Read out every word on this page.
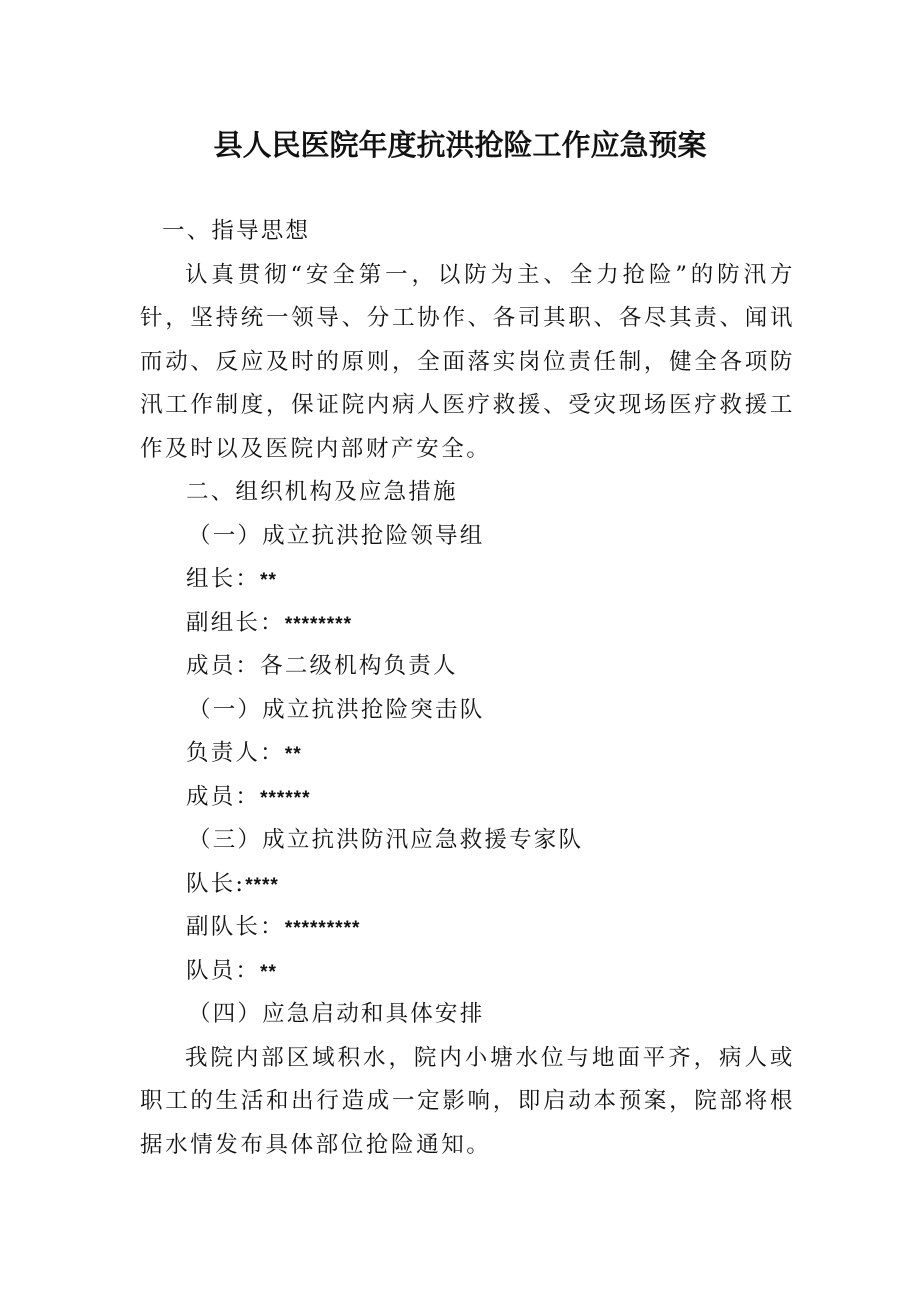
县人民医院年度抗洪抢险工作应急预案
一、指导思想
认真贯彻“安全第一，以防为主、全力抢险”的防汛方针，坚持统一领导、分工协作、各司其职、各尽其责、闻讯而动、反应及时的原则，全面落实岗位责任制，健全各项防汛工作制度，保证院内病人医疗救援、受灾现场医疗救援工作及时以及医院内部财产安全。
二、组织机构及应急措施
（一）成立抗洪抢险领导组
组长：**
副组长：********
成员：各二级机构负责人
（一）成立抗洪抢险突击队
负责人：**
成员：******
（三）成立抗洪防汛应急救援专家队
队长:****
副队长：*********
队员：**
（四）应急启动和具体安排
我院内部区域积水，院内小塘水位与地面平齐，病人或职工的生活和出行造成一定影响，即启动本预案，院部将根据水情发布具体部位抢险通知。
